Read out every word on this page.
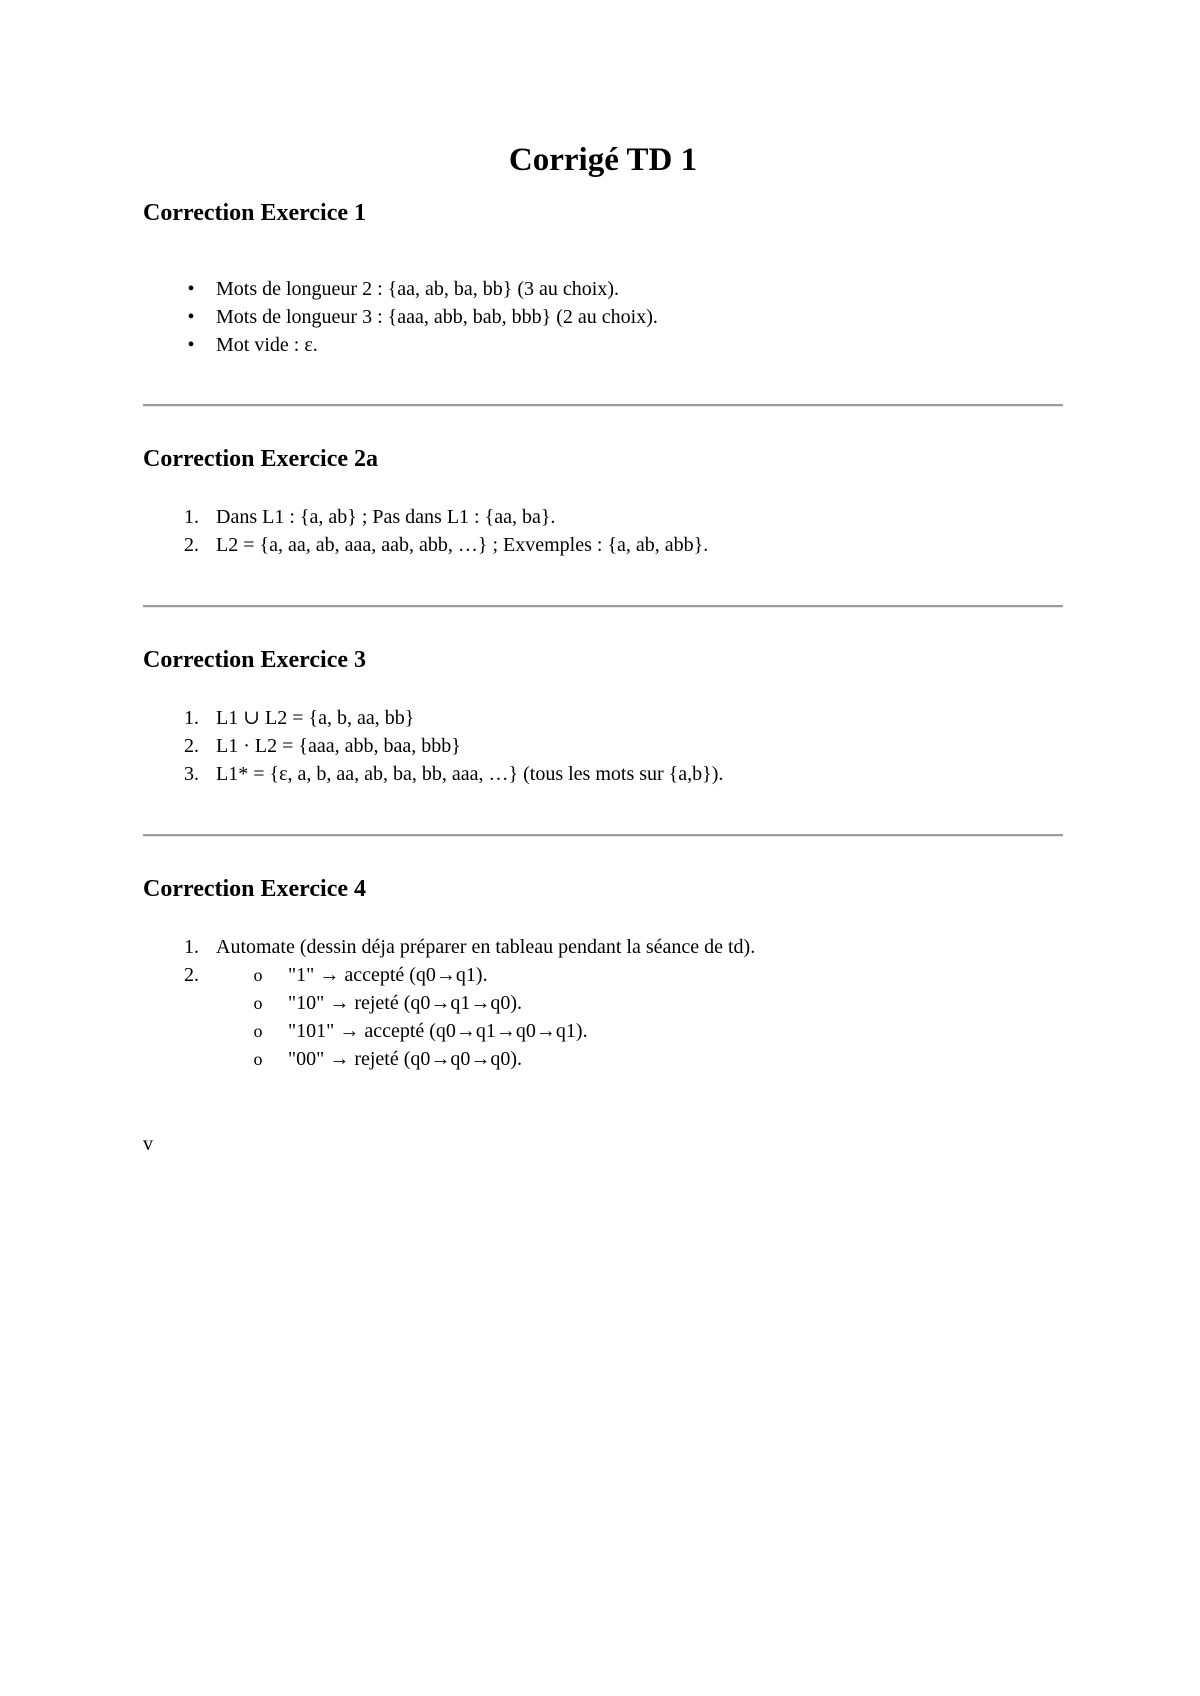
Corrigé TD 1
Correction Exercice 1
•	Mots de longueur 2 : {aa, ab, ba, bb} (3 au choix).
•	Mots de longueur 3 : {aaa, abb, bab, bbb} (2 au choix).
•	Mot vide : ε.
Correction Exercice 2a
1. Dans L1 : {a, ab} ; Pas dans L1 : {aa, ba}.
2. L2 = {a, aa, ab, aaa, aab, abb, …} ; Exvemples : {a, ab, abb}.
Correction Exercice 3
1. L1 ∪ L2 = {a, b, aa, bb}
2. L1 · L2 = {aaa, abb, baa, bbb}
3. L1* = {ε, a, b, aa, ab, ba, bb, aaa, …} (tous les mots sur {a,b}).
Correction Exercice 4
1. Automate (dessin déja préparer en tableau pendant la séance de td).
2.	o "1" → accepté (q0→q1).
o "10" → rejeté (q0→q1→q0).
o "101" → accepté (q0→q1→q0→q1).
o "00" → rejeté (q0→q0→q0).
v
